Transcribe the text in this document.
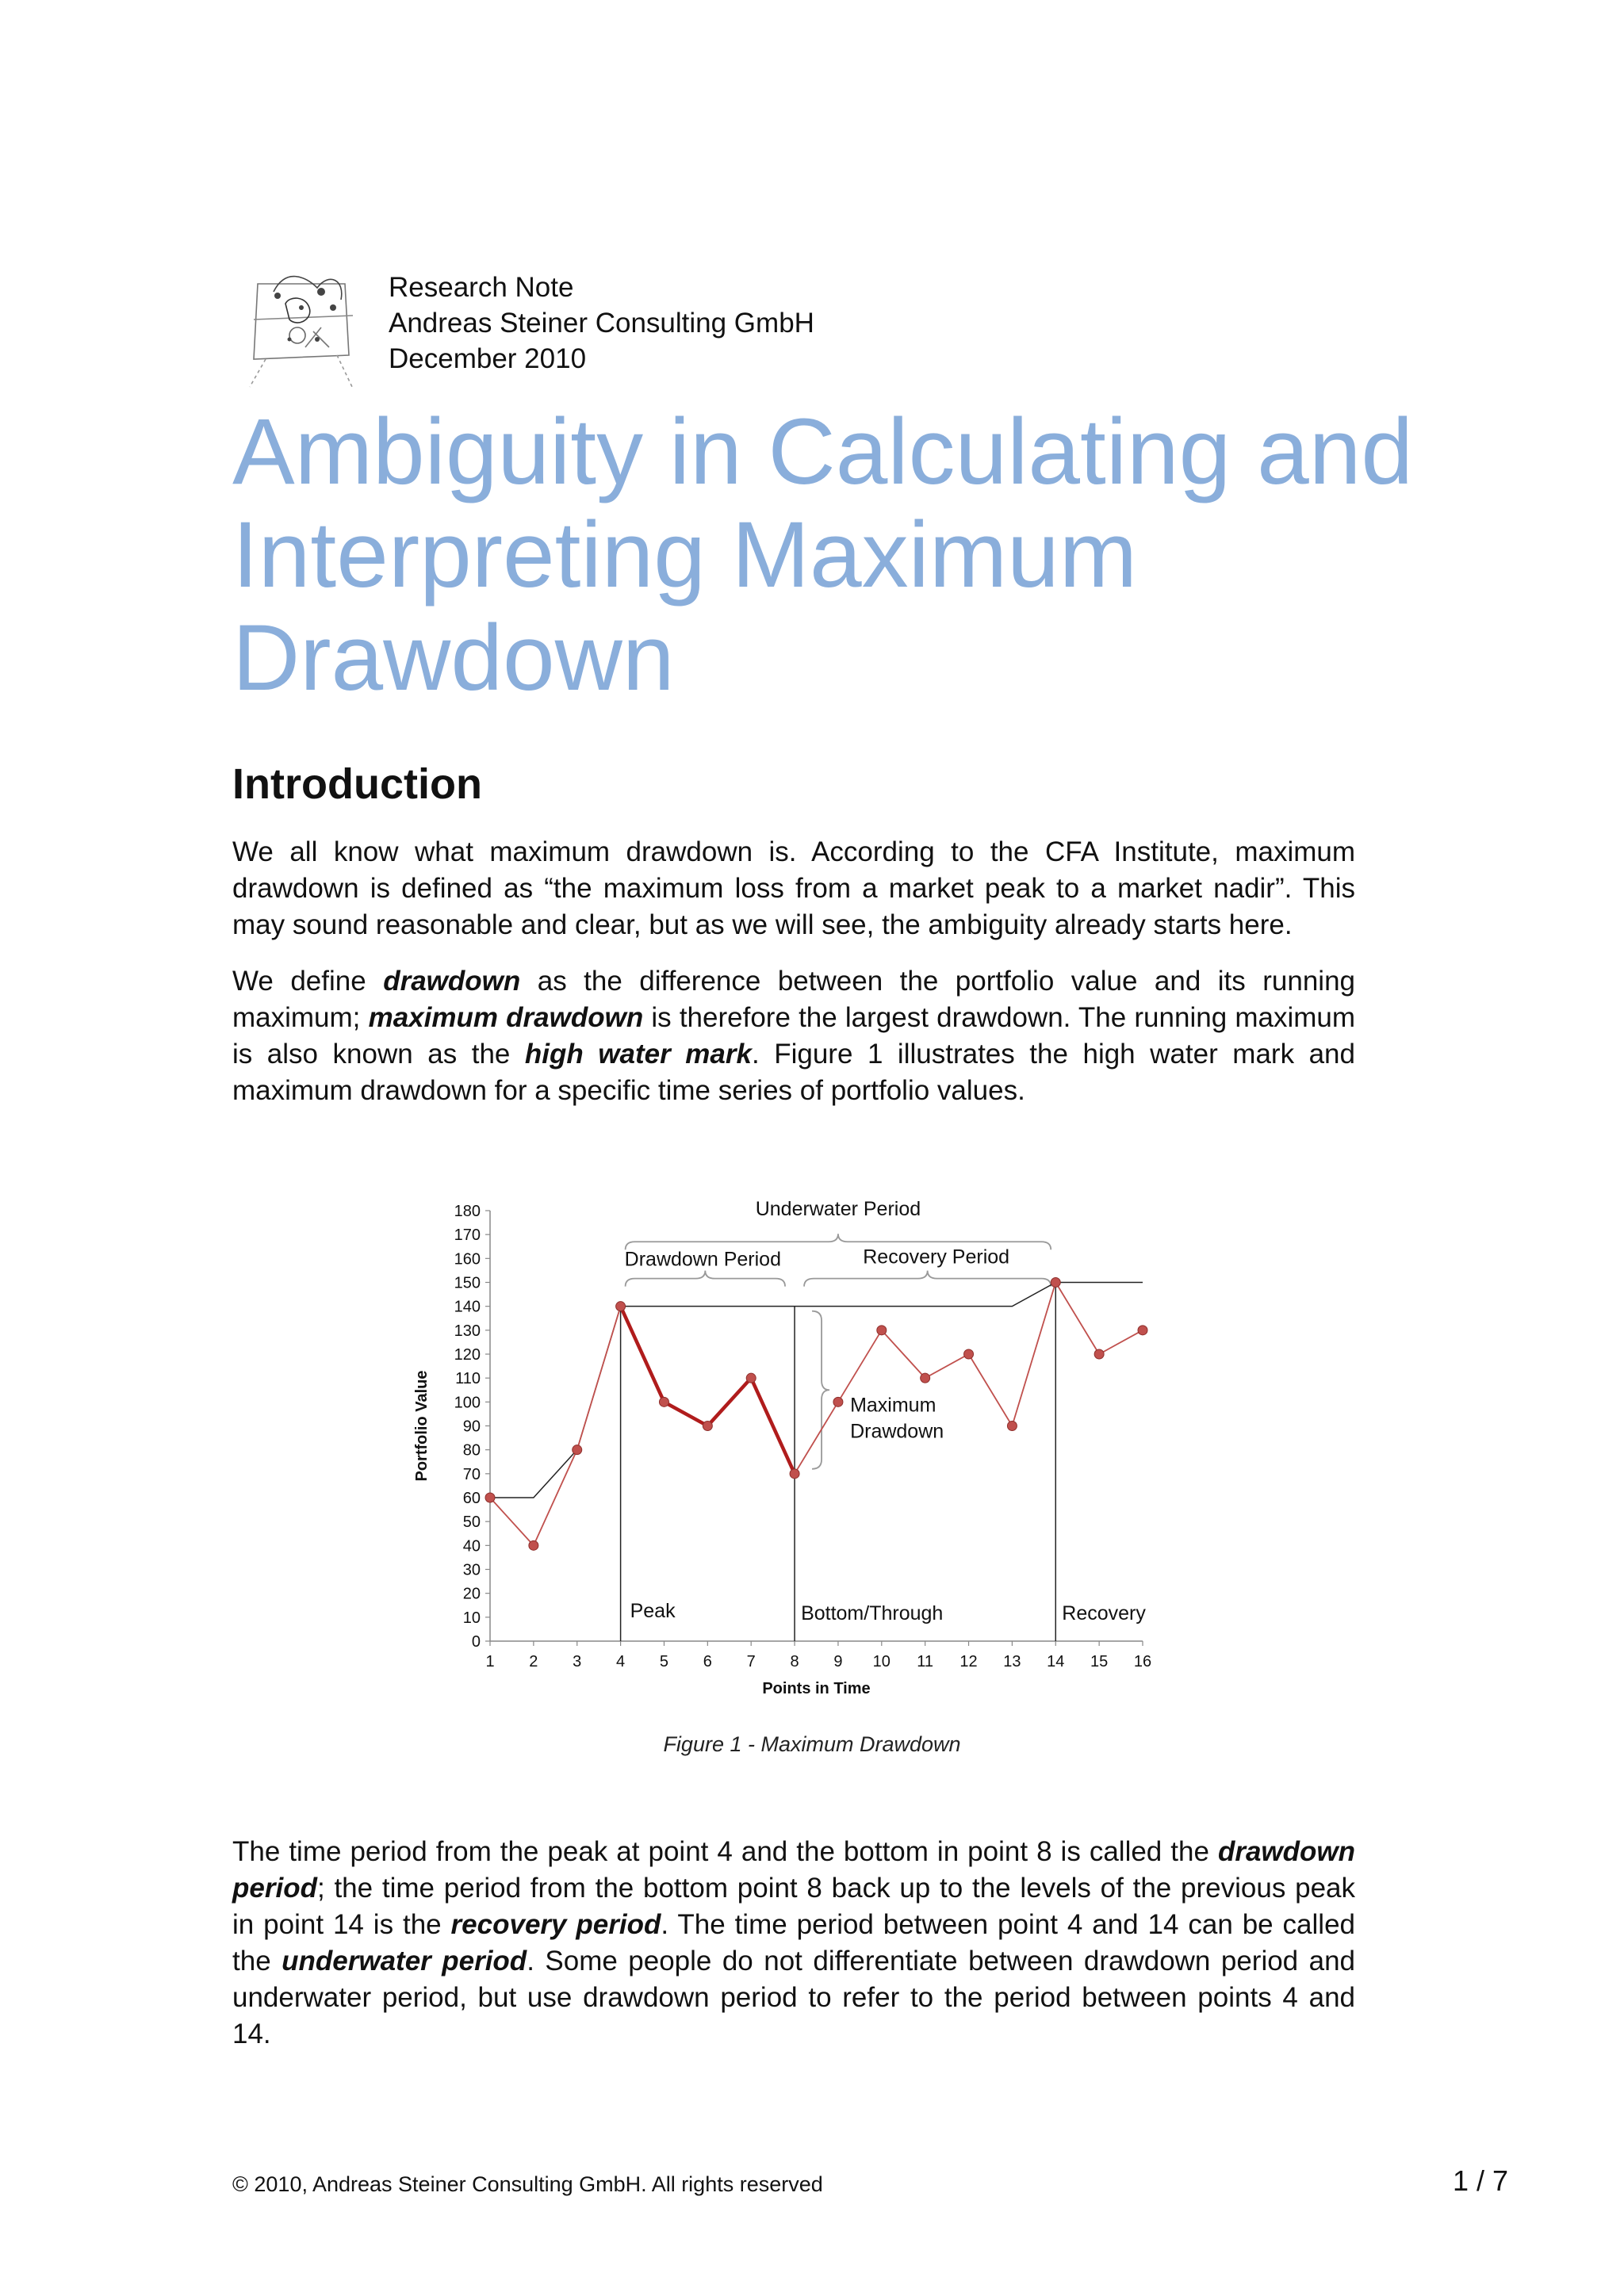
Research Note
Andreas Steiner Consulting GmbH
December 2010
Ambiguity in Calculating and Interpreting Maximum Drawdown
Introduction

We all know what maximum drawdown is. According to the CFA Institute, maximum drawdown is defined as “the maximum loss from a market peak to a market nadir”. This may sound reasonable and clear, but as we will see, the ambiguity already starts here.

We define drawdown as the difference between the portfolio value and its running maximum; maximum drawdown is therefore the largest drawdown. The running maximum is also known as the high water mark. Figure 1 illustrates the high water mark and maximum drawdown for a specific time series of portfolio values.

0
10
20
30
40
50
60
70
80
90
100
110
120
130
140
150
160
170
180
1 2 3 4 5 6 7 8 9 10 11 12 13 14 15 16
Underwater Period
Drawdown Period	Recovery Period
Maximum
Drawdown
Peak	Bottom/Through	Recovery
Portfolio Value
Points in Time
Figure 1 - Maximum Drawdown

The time period from the peak at point 4 and the bottom in point 8 is called the drawdown period; the time period from the bottom point 8 back up to the levels of the previous peak in point 14 is the recovery period. The time period between point 4 and 14 can be called the underwater period. Some people do not differentiate between drawdown period and underwater period, but use drawdown period to refer to the period between points 4 and 14.

© 2010, Andreas Steiner Consulting GmbH. All rights reserved	1 / 7
